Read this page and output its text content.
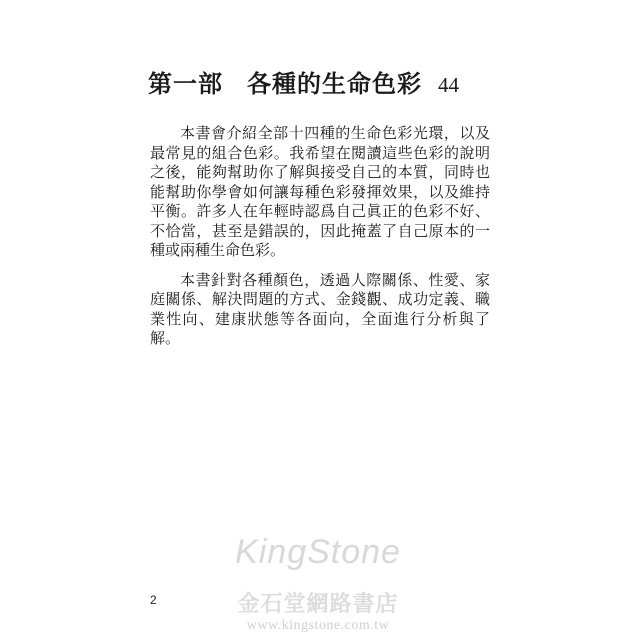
第一部 各種的生命色彩 44

本書會介紹全部十四種的生命色彩光環，以及最常見的組合色彩。我希望在閱讀這些色彩的說明之後，能夠幫助你了解與接受自己的本質，同時也能幫助你學會如何讓每種色彩發揮效果，以及維持平衡。許多人在年輕時認爲自己眞正的色彩不好、不恰當，甚至是錯誤的，因此掩蓋了自己原本的一種或兩種生命色彩。

本書針對各種顏色，透過人際關係、性愛、家庭關係、解決問題的方式、金錢觀、成功定義、職業性向、建康狀態等各面向，全面進行分析與了解。

KingStone
金石堂網路書店
www.kingstone.com.tw
2
